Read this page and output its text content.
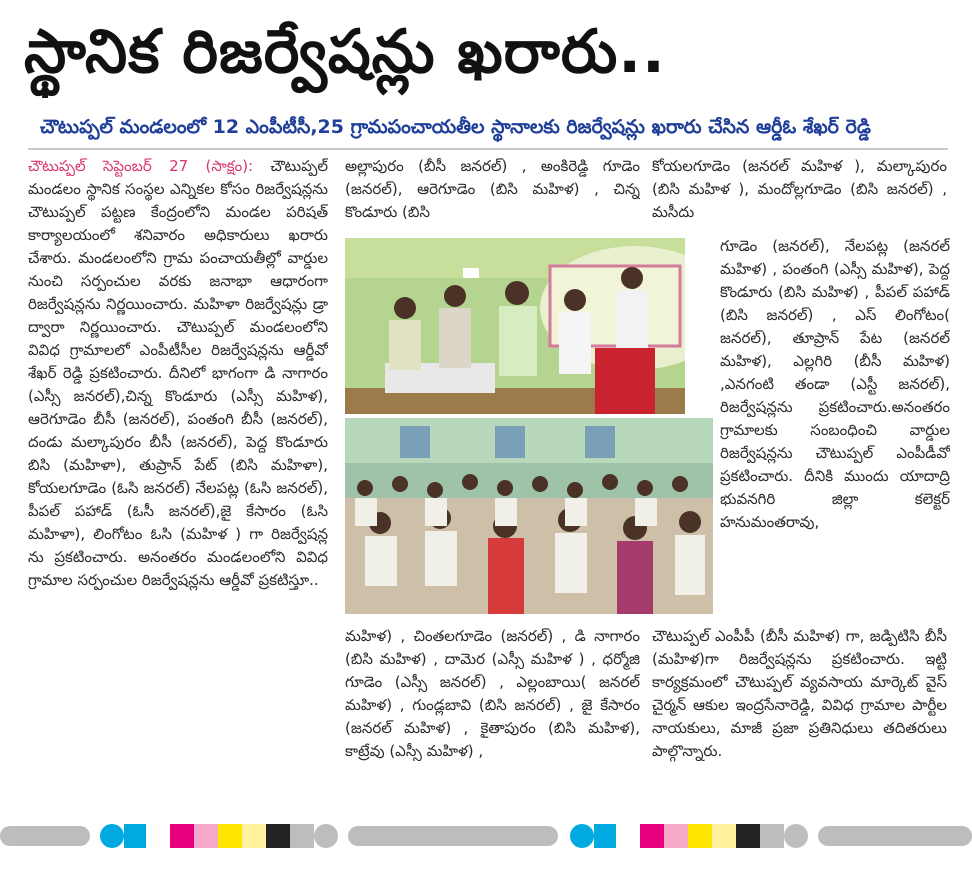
స్థానిక రిజర్వేషన్లు ఖరారు..
చౌటుప్పల్ మండలంలో 12 ఎంపీటీసీ,25 గ్రామపంచాయతీల స్థానాలకు రిజర్వేషన్లు ఖరారు చేసిన ఆర్డీఓ శేఖర్ రెడ్డి

చౌటుప్పల్ సెప్టెంబర్ 27 (సాక్షం): చౌటుప్పల్ మండలం స్థానిక సంస్థల ఎన్నికల కోసం రిజర్వేషన్లను చౌటుప్పల్ పట్టణ కేంద్రంలోని మండల పరిషత్ కార్యాలయంలో శనివారం అధికారులు ఖరారు చేశారు. మండలంలోని గ్రామ పంచాయతీల్లో వార్డుల నుంచి సర్పంచుల వరకు జనాభా ఆధారంగా రిజర్వేషన్లను నిర్ణయించారు. మహిళా రిజర్వేషన్లు డ్రా ద్వారా నిర్ణయించారు. చౌటుప్పల్ మండలంలోని వివిధ గ్రామాలలో ఎంపీటీసీల రిజర్వేషన్లను ఆర్డీవో శేఖర్ రెడ్డి ప్రకటించారు. దీనిలో భాగంగా డి నాగారం (ఎస్సీ జనరల్),చిన్న కొండూరు (ఎస్సీ మహిళ), ఆరెగూడెం బీసీ (జనరల్), పంతంగి బీసీ (జనరల్), దండు మల్కాపురం బీసీ (జనరల్), పెద్ద కొండూరు బిసి (మహిళా), తుప్రాన్ పేట్ (బిసి మహిళా), కోయలగూడెం (ఓసి జనరల్) నేలపట్ల (ఓసి జనరల్), పీపల్ పహాడ్ (ఓసీ జనరల్),జై కేసారం (ఓసి మహిళా), లింగోటం ఓసి (మహిళ ) గా రిజర్వేషన్ల ను ప్రకటించారు. అనంతరం మండలంలోని వివిధ గ్రామాల సర్పంచుల రిజర్వేషన్లను ఆర్డీవో ప్రకటిస్తూ..

అల్లాపురం (బీసీ జనరల్) , అంకిరెడ్డి గూడెం (జనరల్), ఆరెగూడెం (బిసి మహిళ) , చిన్న కొండూరు (బిసి

మహిళ) , చింతలగూడెం (జనరల్) , డి నాగారం (బిసి మహిళ) , దామెర (ఎస్సీ మహిళ ) , ధర్మోజి గూడెం (ఎస్సీ జనరల్) , ఎల్లంబాయి( జనరల్ మహిళ) , గుండ్లబావి (బిసి జనరల్) , జై కేసారం (జనరల్ మహిళ) , కైతాపురం (బిసి మహిళ), కాట్రేవు (ఎస్సీ మహిళ) ,

కోయలగూడెం (జనరల్ మహిళ ), మల్కాపురం (బిసి మహిళ ), మందోల్లగూడెం (బిసి జనరల్) , మసీదు

గూడెం (జనరల్), నేలపట్ల (జనరల్ మహిళ) , పంతంగి (ఎస్సీ మహిళ), పెద్ద కొండూరు (బిసి మహిళ) , పీపల్ పహాడ్ (బిసి జనరల్) , ఎస్ లింగోటం( జనరల్), తూప్రాన్ పేట (జనరల్ మహిళ), ఎల్లగిరి (బీసీ మహిళ) ,ఎనగంటి తండా (ఎస్టీ జనరల్), రిజర్వేషన్లను ప్రకటించారు.అనంతరం గ్రామాలకు సంబంధించి వార్డుల రిజర్వేషన్లను చౌటుప్పల్ ఎంపీడీవో ప్రకటించారు. దీనికి ముందు యాదాద్రి భువనగిరి జిల్లా కలెక్టర్ హనుమంతరావు,

చౌటుప్పల్ ఎంపీపీ (బీసీ మహిళ) గా, జడ్పిటిసి బీసీ (మహిళ)గా రిజర్వేషన్లను ప్రకటించారు. ఇట్టి కార్యక్రమంలో చౌటుప్పల్ వ్యవసాయ మార్కెట్ వైస్ చైర్మన్ ఆకుల ఇంద్రసేనారెడ్డి, వివిధ గ్రామాల పార్టీల నాయకులు, మాజీ ప్రజా ప్రతినిధులు తదితరులు పాల్గొన్నారు.
